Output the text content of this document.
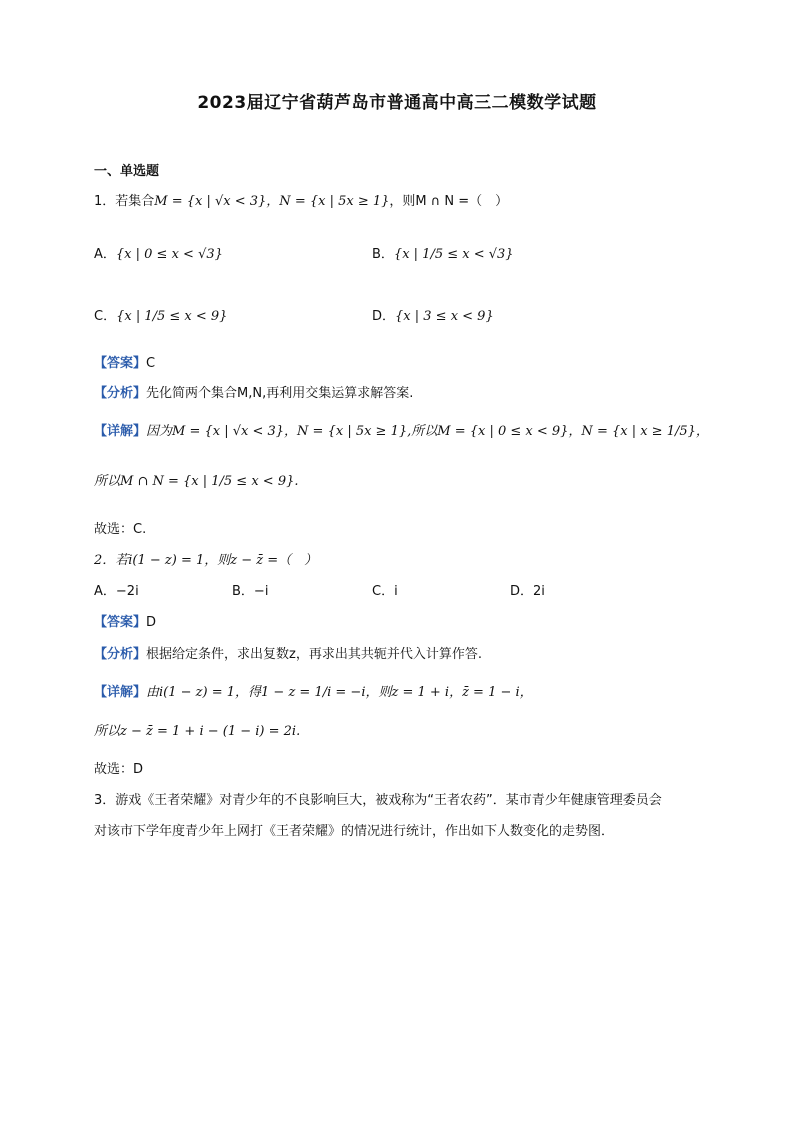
2023届辽宁省葫芦岛市普通高中高三二模数学试题
一、单选题
1．若集合M = {x | √x < 3}，N = {x | 5x ≥ 1}，则M ∩ N =（　）
A．{x | 0 ≤ x < √3}	B．{x | 1/5 ≤ x < √3}
C．{x | 1/5 ≤ x < 9}	D．{x | 3 ≤ x < 9}
【答案】C
【分析】先化简两个集合M,N,再利用交集运算求解答案.
【详解】因为M = {x | √x < 3}，N = {x | 5x ≥ 1},所以M = {x | 0 ≤ x < 9}，N = {x | x ≥ 1/5}，
所以M ∩ N = {x | 1/5 ≤ x < 9}.
故选：C.
2．若i(1 − z) = 1，则z − z̄ =（　）
A．−2i	B．−i	C．i	D．2i
【答案】D
【分析】根据给定条件，求出复数z，再求出其共轭并代入计算作答.
【详解】由i(1 − z) = 1，得1 − z = 1/i = −i，则z = 1 + i，z̄ = 1 − i，
所以z − z̄ = 1 + i − (1 − i) = 2i.
故选：D
3．游戏《王者荣耀》对青少年的不良影响巨大，被戏称为“王者农药”．某市青少年健康管理委员会
对该市下学年度青少年上网打《王者荣耀》的情况进行统计，作出如下人数变化的走势图．
